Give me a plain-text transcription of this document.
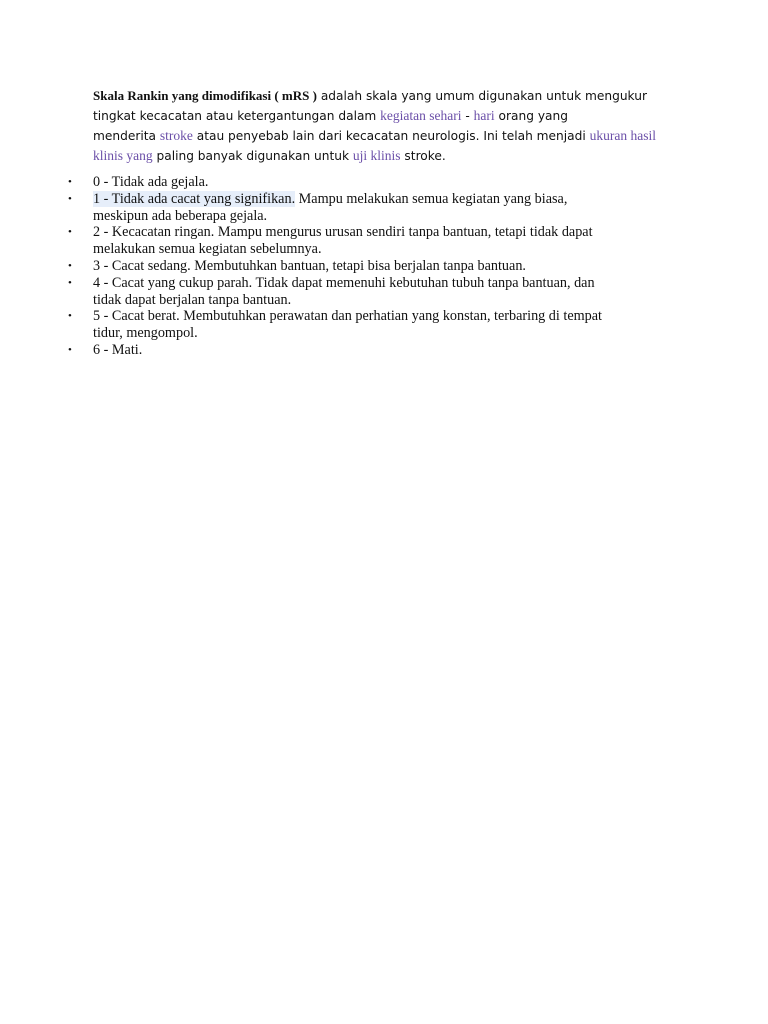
Skala Rankin yang dimodifikasi ( mRS ) adalah skala yang umum digunakan untuk mengukur
tingkat kecacatan atau ketergantungan dalam kegiatan sehari - hari orang yang
menderita stroke atau penyebab lain dari kecacatan neurologis. Ini telah menjadi ukuran hasil
klinis yang paling banyak digunakan untuk uji klinis stroke.
• 0 - Tidak ada gejala.
• 1 - Tidak ada cacat yang signifikan. Mampu melakukan semua kegiatan yang biasa,
meskipun ada beberapa gejala.
• 2 - Kecacatan ringan. Mampu mengurus urusan sendiri tanpa bantuan, tetapi tidak dapat
melakukan semua kegiatan sebelumnya.
• 3 - Cacat sedang. Membutuhkan bantuan, tetapi bisa berjalan tanpa bantuan.
• 4 - Cacat yang cukup parah. Tidak dapat memenuhi kebutuhan tubuh tanpa bantuan, dan
tidak dapat berjalan tanpa bantuan.
• 5 - Cacat berat. Membutuhkan perawatan dan perhatian yang konstan, terbaring di tempat
tidur, mengompol.
• 6 - Mati.
